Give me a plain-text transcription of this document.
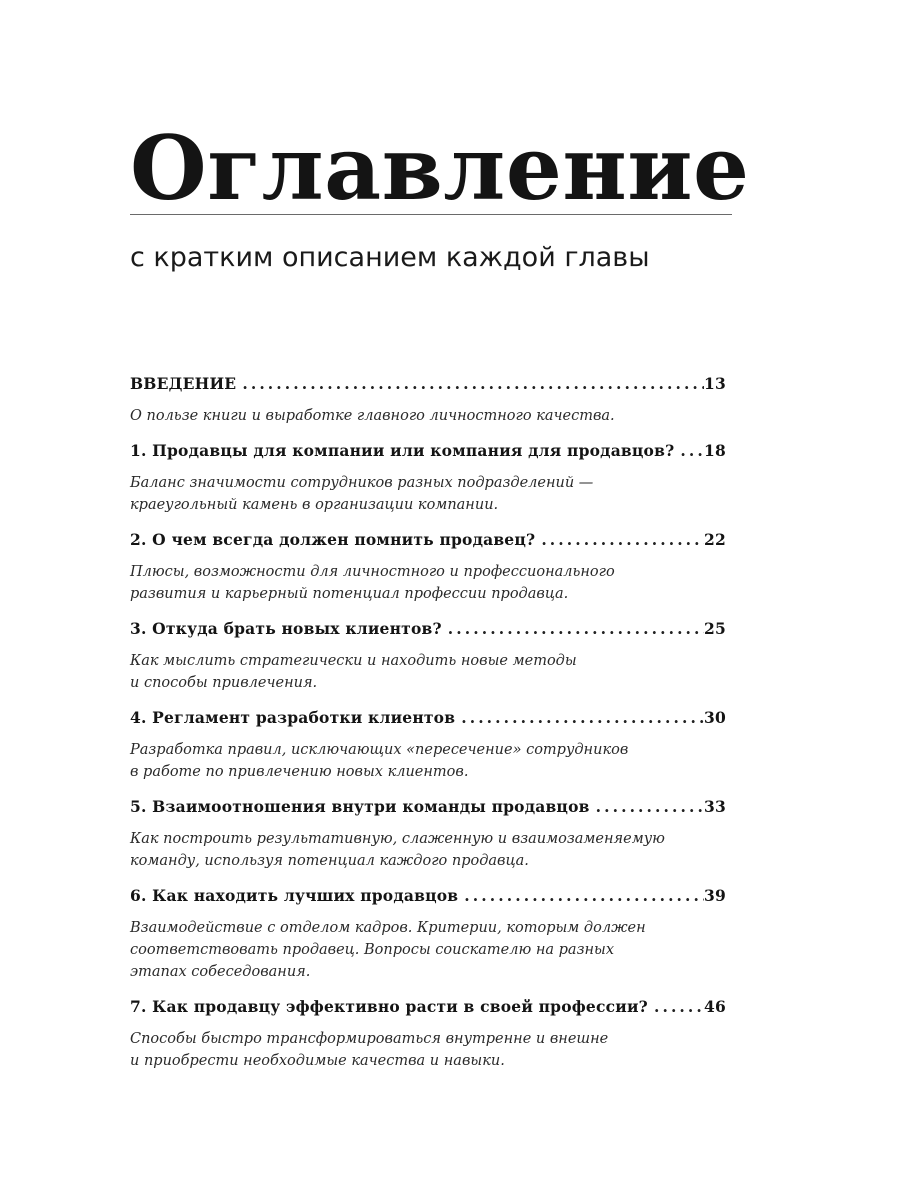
Оглавление
с кратким описанием каждой главы
ВВЕДЕНИЕ . . .	13
О пользе книги и выработке главного личностного качества.
1. Продавцы для компании или компания для продавцов? . . . 18
Баланс значимости сотрудников разных подразделений —
краеугольный камень в организации компании.
2. О чем всегда должен помнить продавец? . . .	22
Плюсы, возможности для личностного и профессионального
развития и карьерный потенциал профессии продавца.
3. Откуда брать новых клиентов? . . .	25
Как мыслить стратегически и находить новые методы
и способы привлечения.
4. Регламент разработки клиентов . . .	30
Разработка правил, исключающих «пересечение» сотрудников
в работе по привлечению новых клиентов.
5. Взаимоотношения внутри команды продавцов . . .	33
Как построить результативную, слаженную и взаимозаменяемую
команду, используя потенциал каждого продавца.
6. Как находить лучших продавцов . . .	39
Взаимодействие с отделом кадров. Критерии, которым должен
соответствовать продавец. Вопросы соискателю на разных
этапах собеседования.
7. Как продавцу эффективно расти в своей профессии? . . .	46
Способы быстро трансформироваться внутренне и внешне
и приобрести необходимые качества и навыки.
